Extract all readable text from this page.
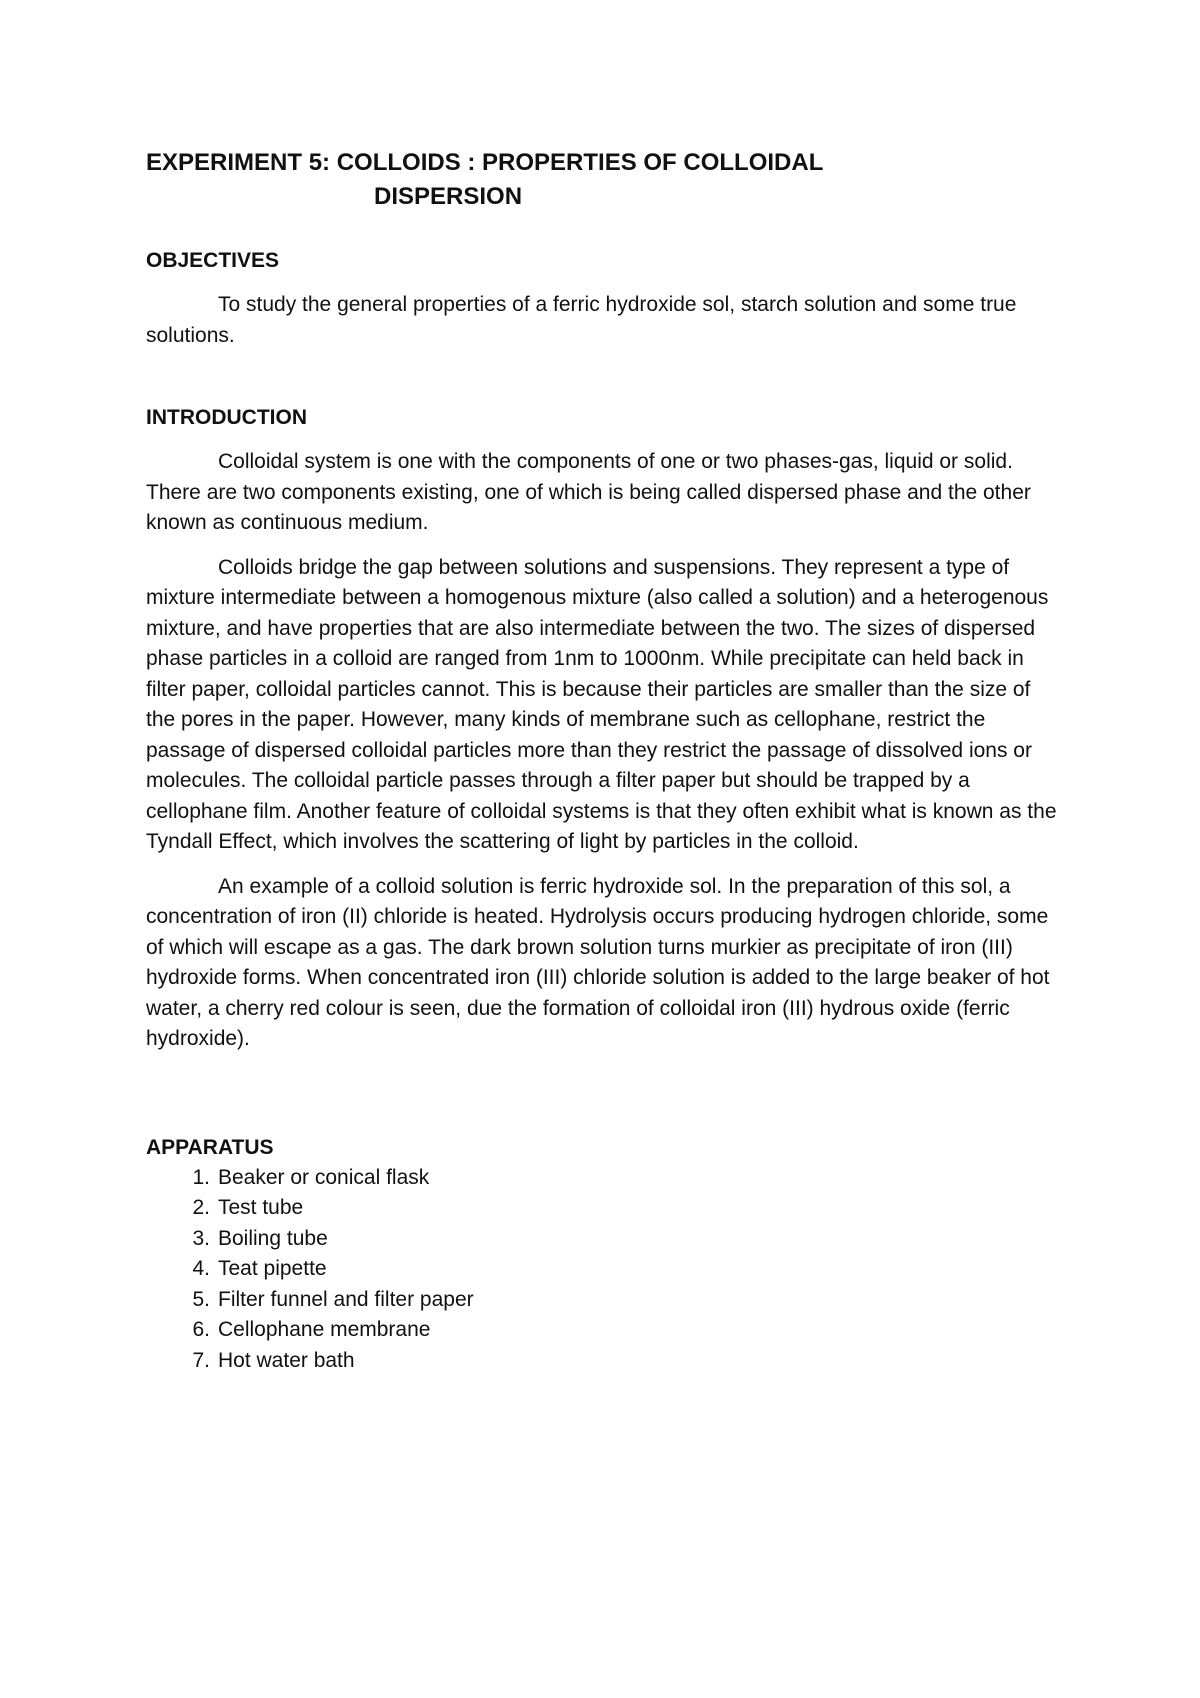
EXPERIMENT 5: COLLOIDS : PROPERTIES OF COLLOIDAL
DISPERSION
OBJECTIVES

To study the general properties of a ferric hydroxide sol, starch solution and some true solutions.

INTRODUCTION

Colloidal system is one with the components of one or two phases-gas, liquid or solid. There are two components existing, one of which is being called dispersed phase and the other known as continuous medium.

Colloids bridge the gap between solutions and suspensions. They represent a type of mixture intermediate between a homogenous mixture (also called a solution) and a heterogenous mixture, and have properties that are also intermediate between the two. The sizes of dispersed phase particles in a colloid are ranged from 1nm to 1000nm. While precipitate can held back in filter paper, colloidal particles cannot. This is because their particles are smaller than the size of the pores in the paper. However, many kinds of membrane such as cellophane, restrict the passage of dispersed colloidal particles more than they restrict the passage of dissolved ions or molecules. The colloidal particle passes through a filter paper but should be trapped by a cellophane film. Another feature of colloidal systems is that they often exhibit what is known as the Tyndall Effect, which involves the scattering of light by particles in the colloid.

An example of a colloid solution is ferric hydroxide sol. In the preparation of this sol, a concentration of iron (II) chloride is heated. Hydrolysis occurs producing hydrogen chloride, some of which will escape as a gas. The dark brown solution turns murkier as precipitate of iron (III) hydroxide forms. When concentrated iron (III) chloride solution is added to the large beaker of hot water, a cherry red colour is seen, due the formation of colloidal iron (III) hydrous oxide (ferric hydroxide).

APPARATUS
1. Beaker or conical flask
2. Test tube
3. Boiling tube
4. Teat pipette
5. Filter funnel and filter paper
6. Cellophane membrane
7. Hot water bath
